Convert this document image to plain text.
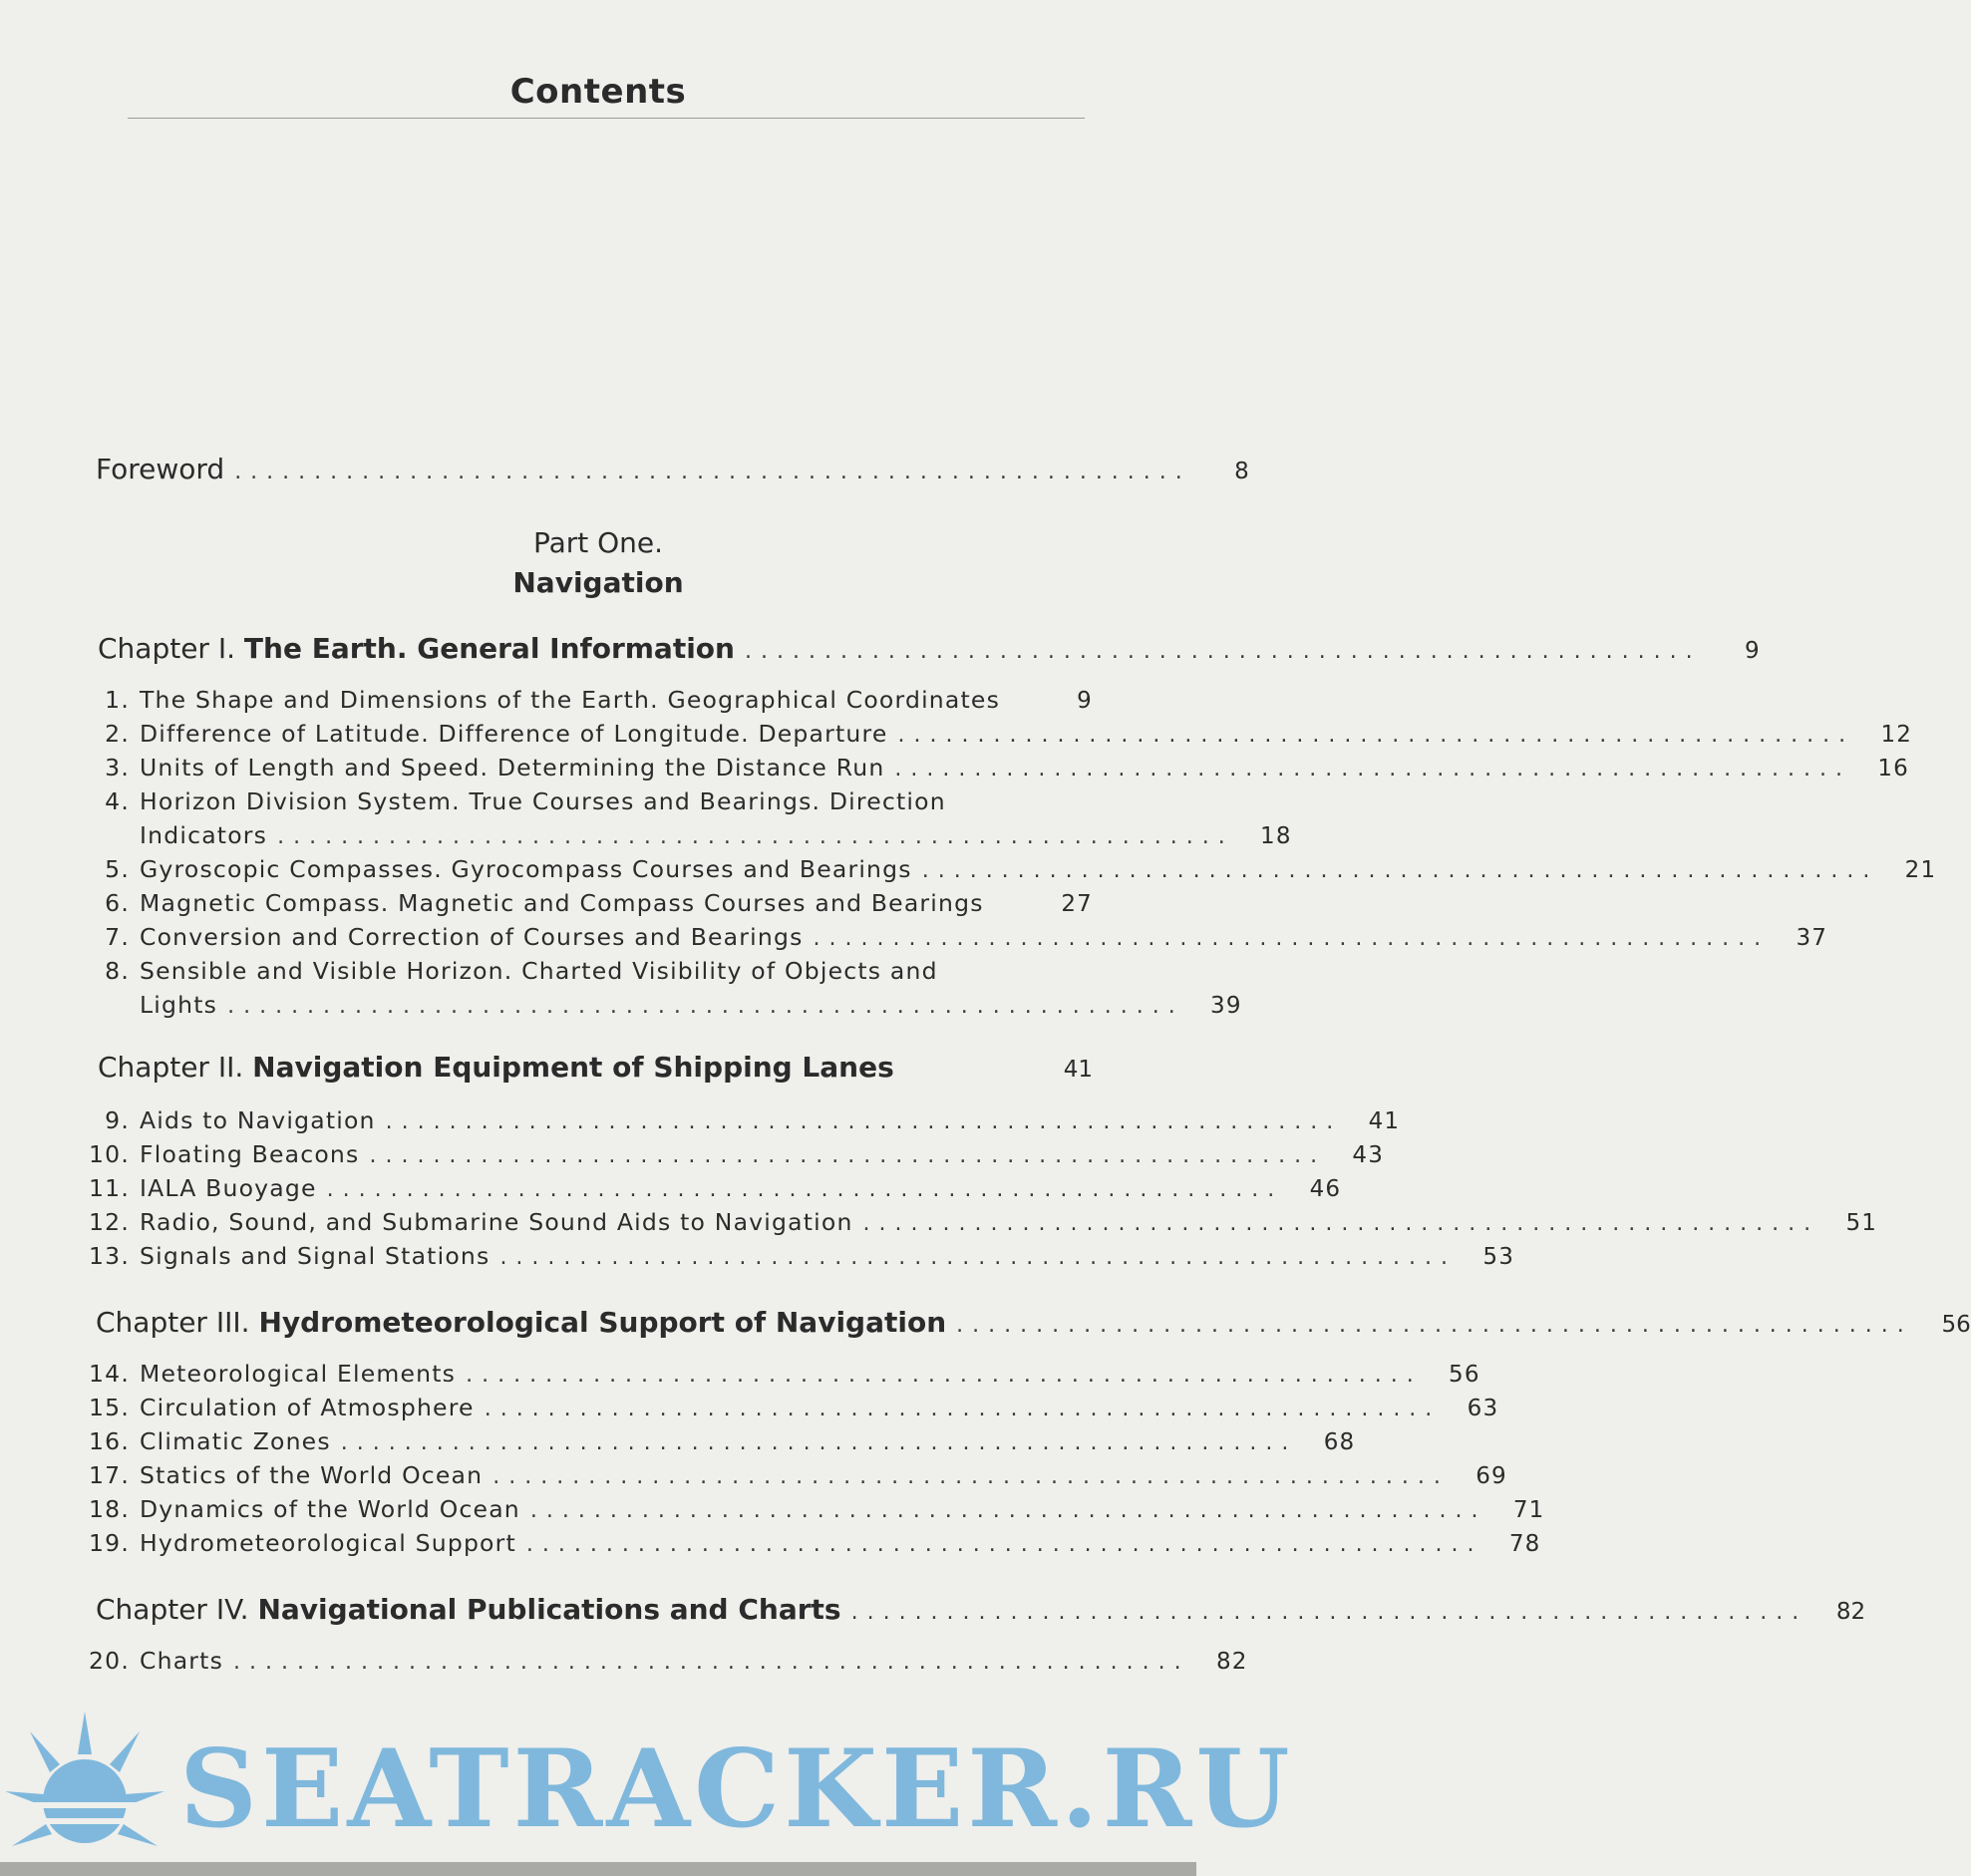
Contents
Foreword ............................................................	8
Part One.
Navigation
Chapter I. The Earth. General Information ............................................................	9
1. The Shape and Dimensions of the Earth. Geographical Coordinates	9
2. Difference of Latitude. Difference of Longitude. Departure ............................................................	12
3. Units of Length and Speed. Determining the Distance Run ............................................................	16
4. Horizon Division System. True Courses and Bearings. Direction
Indicators ............................................................	18
5. Gyroscopic Compasses. Gyrocompass Courses and Bearings ............................................................	21
6. Magnetic Compass. Magnetic and Compass Courses and Bearings	27
7. Conversion and Correction of Courses and Bearings ............................................................	37
8. Sensible and Visible Horizon. Charted Visibility of Objects and
Lights ............................................................	39
Chapter II. Navigation Equipment of Shipping Lanes	41
9. Aids to Navigation ............................................................	41
10. Floating Beacons ............................................................	43
11. IALA Buoyage ............................................................	46
12. Radio, Sound, and Submarine Sound Aids to Navigation ............................................................	51
13. Signals and Signal Stations ............................................................	53
Chapter III. Hydrometeorological Support of Navigation ............................................................	56
14. Meteorological Elements ............................................................	56
15. Circulation of Atmosphere ............................................................	63
16. Climatic Zones ............................................................	68
17. Statics of the World Ocean ............................................................	69
18. Dynamics of the World Ocean ............................................................	71
19. Hydrometeorological Support ............................................................	78
Chapter IV. Navigational Publications and Charts ............................................................	82
20. Charts ............................................................	82
SEATRACKER.RU
